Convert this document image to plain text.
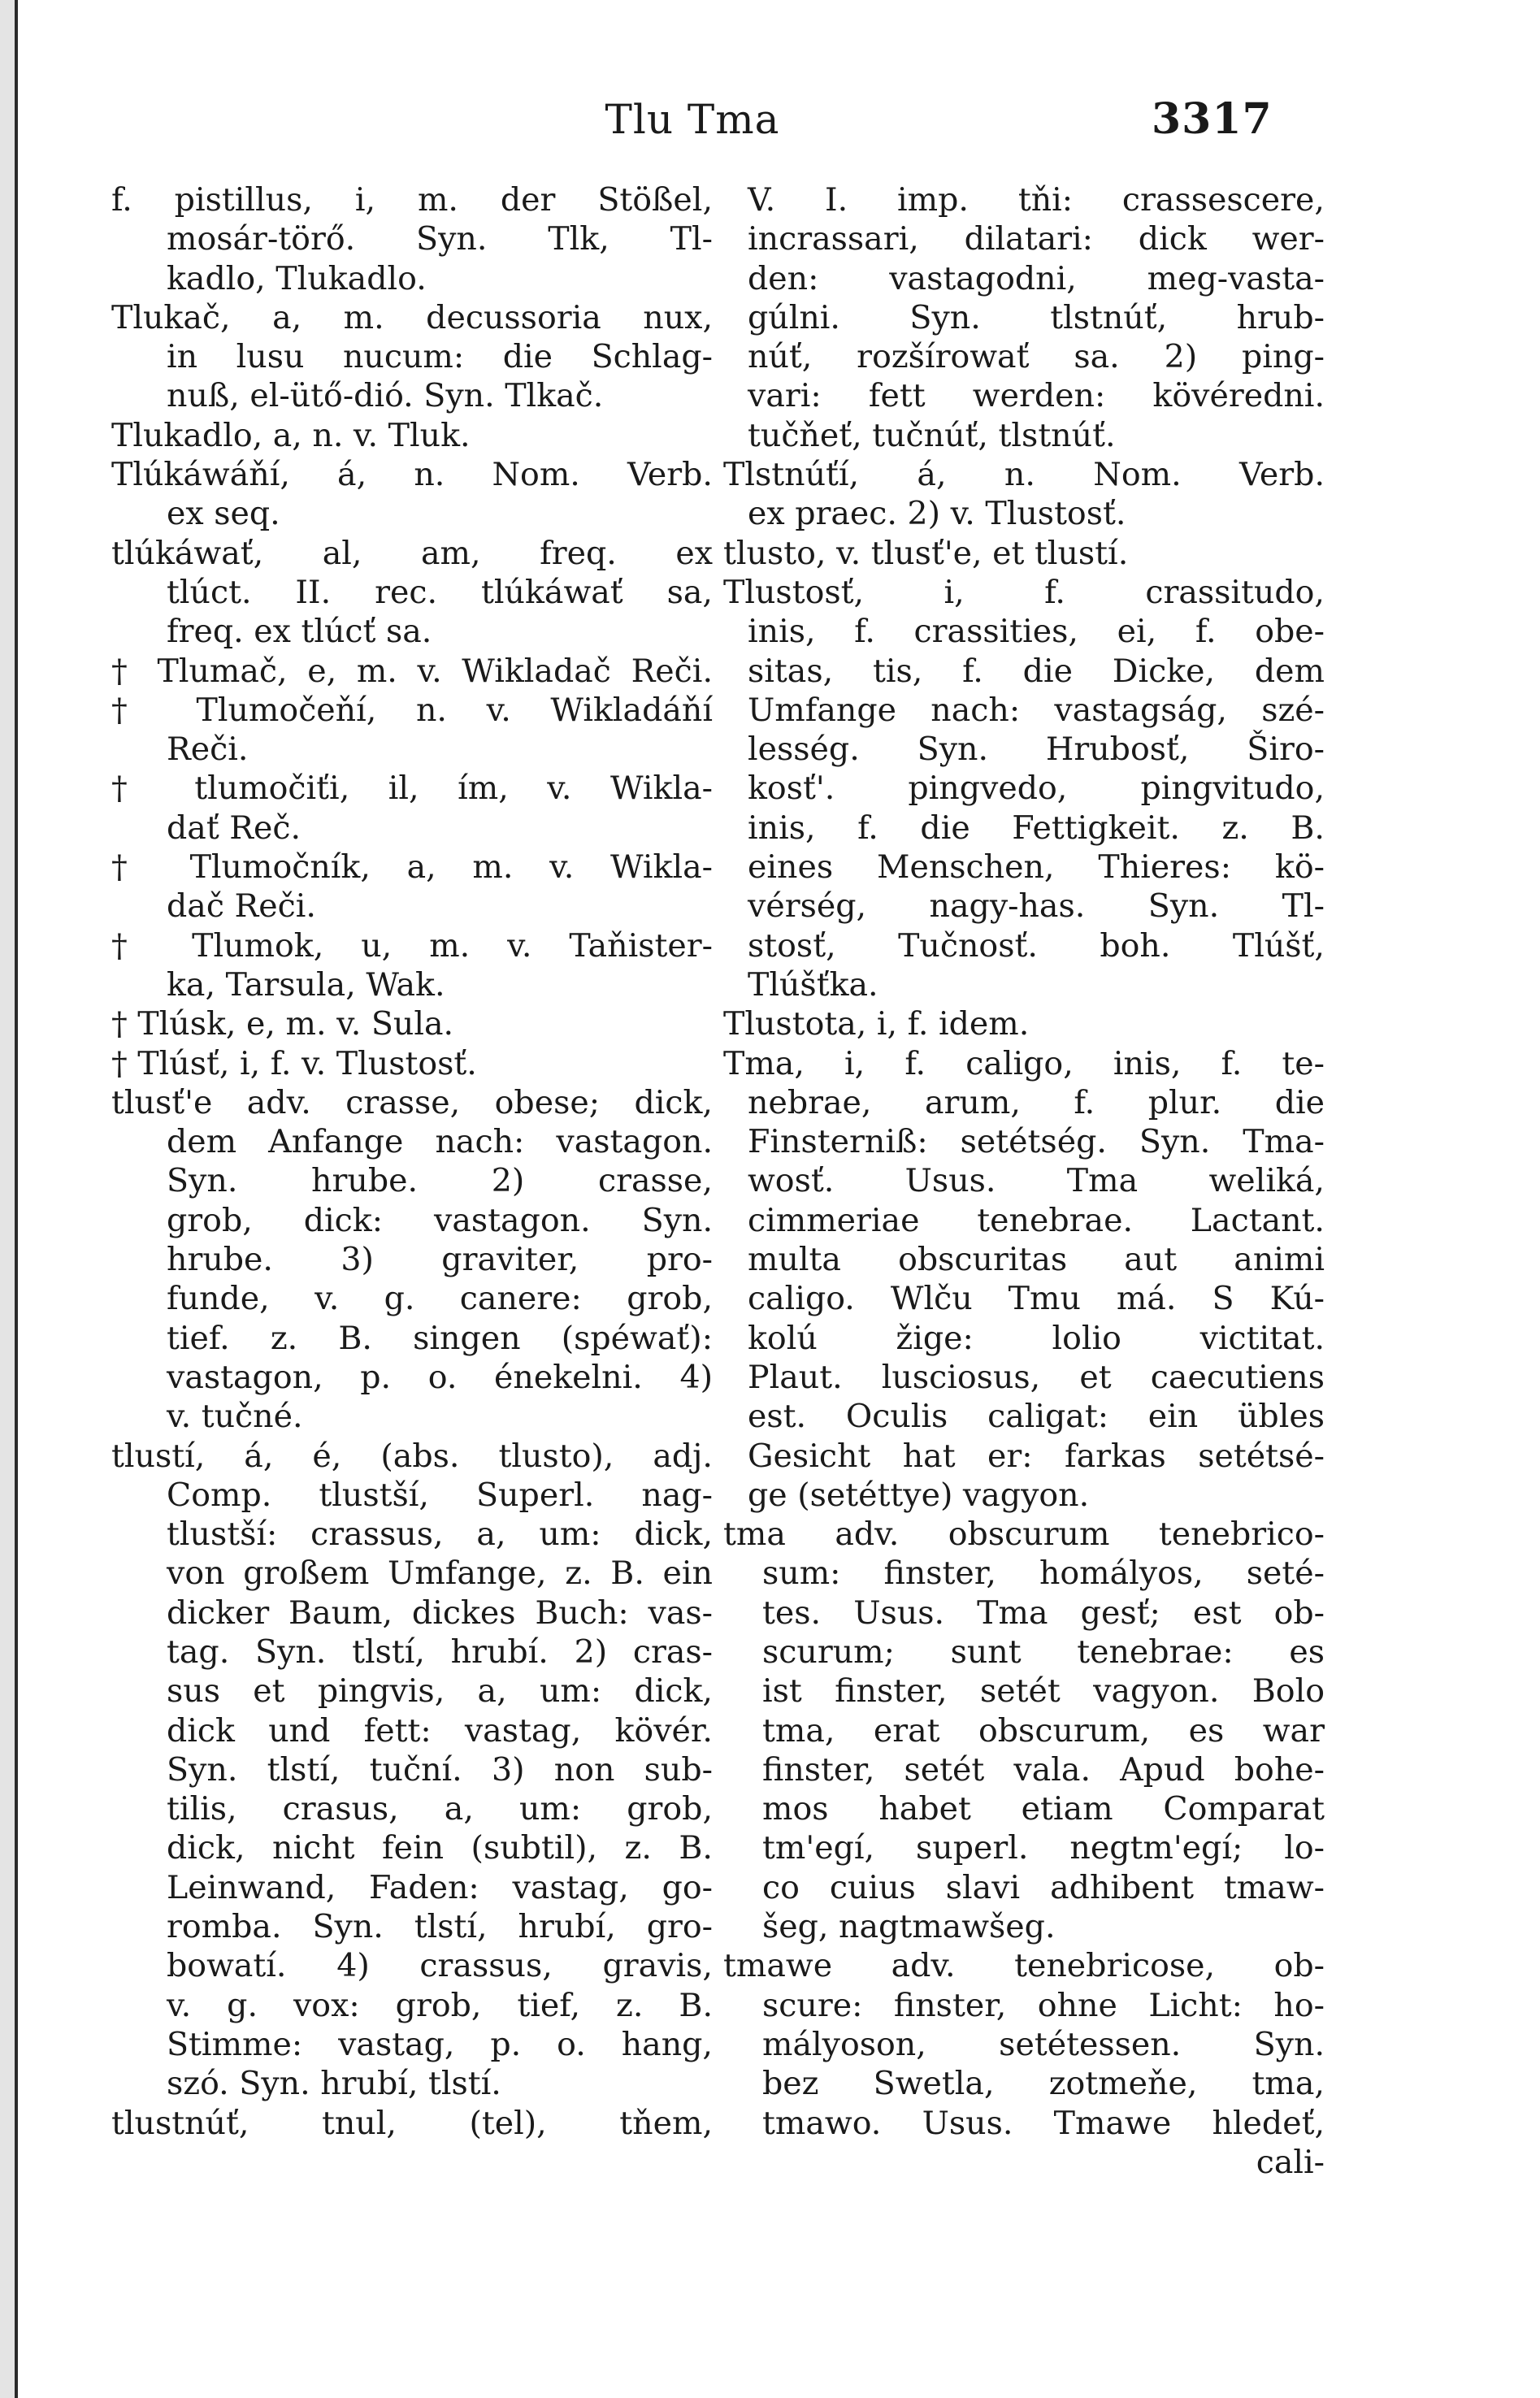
Tlu Tma	3317
f. pistillus, i, m. der Stößel,
mosár-törő. Syn. Tlk, Tl-
kadlo, Tlukadlo.
Tlukač, a, m. decussoria nux,
in lusu nucum: die Schlag-
nuß, el-ütő-dió. Syn. Tlkač.
Tlukadlo, a, n. v. Tluk.
Tlúkáwáňí, á, n. Nom. Verb.
ex seq.
tlúkáwať, al, am, freq. ex
tlúct. II. rec. tlúkáwať sa,
freq. ex tlúcť sa.
† Tlumač, e, m. v. Wikladač Reči.
† Tlumočeňí, n. v. Wikladáňí
Reči.
† tlumočiťi, il, ím, v. Wikla-
dať Reč.
† Tlumočník, a, m. v. Wikla-
dač Reči.
† Tlumok, u, m. v. Taňister-
ka, Tarsula, Wak.
† Tlúsk, e, m. v. Sula.
† Tlúsť, i, f. v. Tlustosť.
tlusť'e adv. crasse, obese; dick,
dem Anfange nach: vastagon.
Syn. hrube. 2) crasse,
grob, dick: vastagon. Syn.
hrube. 3) graviter, pro-
funde, v. g. canere: grob,
tief. z. B. singen (spéwať):
vastagon, p. o. énekelni. 4)
v. tučné.
tlustí, á, é, (abs. tlusto), adj.
Comp. tlustší, Superl. nag-
tlustší: crassus, a, um: dick,
von großem Umfange, z. B. ein
dicker Baum, dickes Buch: vas-
tag. Syn. tlstí, hrubí. 2) cras-
sus et pingvis, a, um: dick,
dick und fett: vastag, kövér.
Syn. tlstí, tuční. 3) non sub-
tilis, crasus, a, um: grob,
dick, nicht fein (subtil), z. B.
Leinwand, Faden: vastag, go-
romba. Syn. tlstí, hrubí, gro-
bowatí. 4) crassus, gravis,
v. g. vox: grob, tief, z. B.
Stimme: vastag, p. o. hang,
szó. Syn. hrubí, tlstí.
tlustnúť, tnul, (tel), tňem,
V. I. imp. tňi: crassescere,
incrassari, dilatari: dick wer-
den: vastagodni, meg-vasta-
gúlni. Syn. tlstnúť, hrub-
núť, rozšírowať sa. 2) ping-
vari: fett werden: kövéredni.
tučňeť, tučnúť, tlstnúť.
Tlstnúťí, á, n. Nom. Verb.
ex praec. 2) v. Tlustosť.
tlusto, v. tlusť'e, et tlustí.
Tlustosť, i, f. crassitudo,
inis, f. crassities, ei, f. obe-
sitas, tis, f. die Dicke, dem
Umfange nach: vastagság, szé-
lesség. Syn. Hrubosť, Širo-
kosť'. pingvedo, pingvitudo,
inis, f. die Fettigkeit. z. B.
eines Menschen, Thieres: kö-
vérség, nagy-has. Syn. Tl-
stosť, Tučnosť. boh. Tlúšť,
Tlúšťka.
Tlustota, i, f. idem.
Tma, i, f. caligo, inis, f. te-
nebrae, arum, f. plur. die
Finsterniß: setétség. Syn. Tma-
wosť. Usus. Tma weliká,
cimmeriae tenebrae. Lactant.
multa obscuritas aut animi
caligo. Wlču Tmu má. S Kú-
kolú žige: lolio victitat.
Plaut. lusciosus, et caecutiens
est. Oculis caligat: ein übles
Gesicht hat er: farkas setétsé-
ge (setéttye) vagyon.
tma adv. obscurum tenebrico-
sum: finster, homályos, seté-
tes. Usus. Tma gesť; est ob-
scurum; sunt tenebrae: es
ist finster, setét vagyon. Bolo
tma, erat obscurum, es war
finster, setét vala. Apud bohe-
mos habet etiam Comparat
tm'egí, superl. negtm'egí; lo-
co cuius slavi adhibent tmaw-
šeg, nagtmawšeg.
tmawe adv. tenebricose, ob-
scure: finster, ohne Licht: ho-
mályoson, setétessen. Syn.
bez Swetla, zotmeňe, tma,
tmawo. Usus. Tmawe hledeť,
cali-
